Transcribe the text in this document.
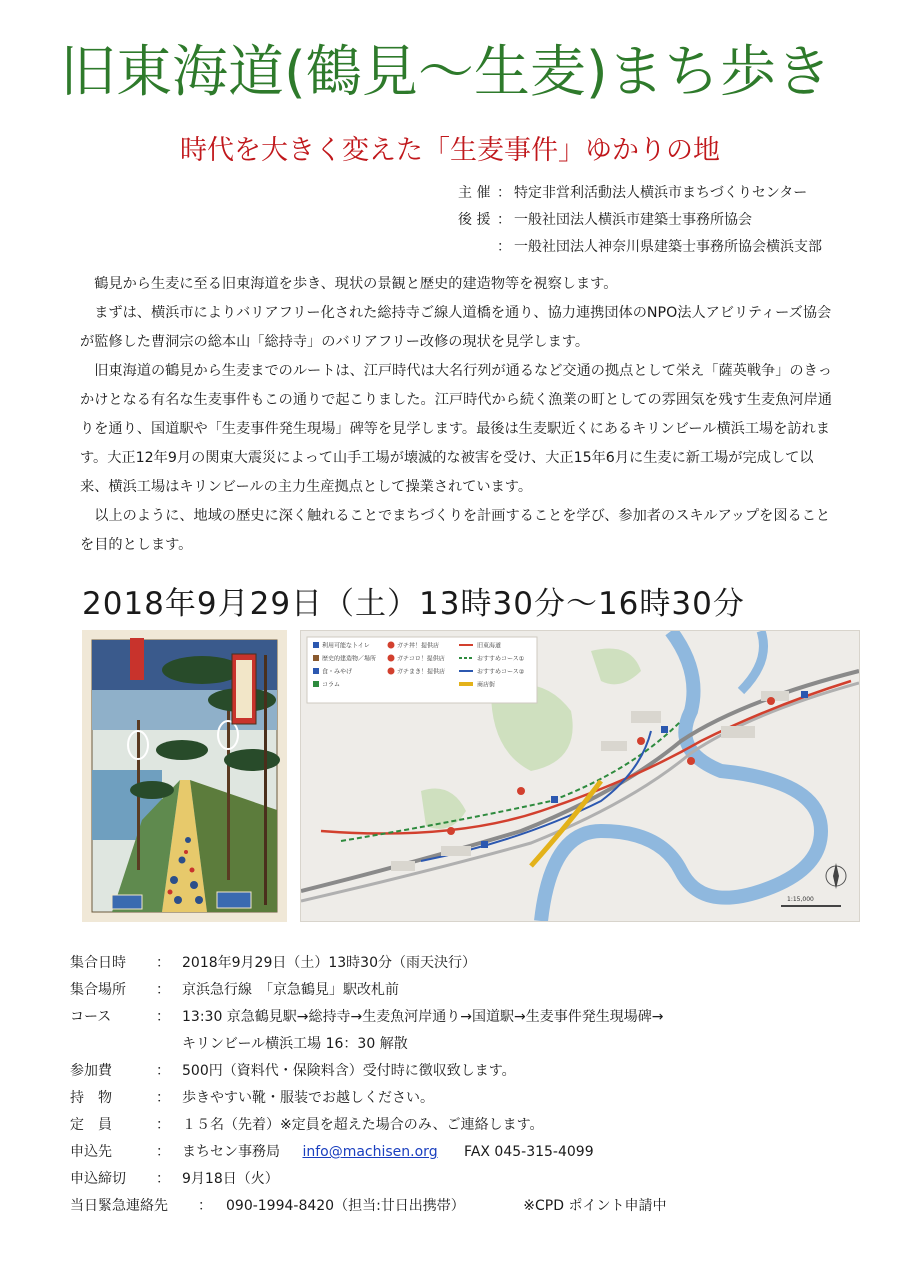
旧東海道(鶴見〜生麦)まち歩き
時代を大きく変えた「生麦事件」ゆかりの地
主 催 ： 特定非営利活動法人横浜市まちづくりセンター
後 援 ： 一般社団法人横浜市建築士事務所協会
： 一般社団法人神奈川県建築士事務所協会横浜支部

鶴見から生麦に至る旧東海道を歩き、現状の景観と歴史的建造物等を視察します。

まずは、横浜市によりバリアフリー化された総持寺ご線人道橋を通り、協力連携団体のNPO法人アビリティーズ協会が監修した曹洞宗の総本山「総持寺」のバリアフリー改修の現状を見学します。

旧東海道の鶴見から生麦までのルートは、江戸時代は大名行列が通るなど交通の拠点として栄え「薩英戦争」のきっかけとなる有名な生麦事件もこの通りで起こりました。江戸時代から続く漁業の町としての雰囲気を残す生麦魚河岸通りを通り、国道駅や「生麦事件発生現場」碑等を見学します。最後は生麦駅近くにあるキリンビール横浜工場を訪れます。大正12年9月の関東大震災によって山手工場が壊滅的な被害を受け、大正15年6月に生麦に新工場が完成して以来、横浜工場はキリンビールの主力生産拠点として操業されています。

以上のように、地域の歴史に深く触れることでまちづくりを計画することを学び、参加者のスキルアップを図ることを目的とします。

2018年9月29日（土）13時30分〜16時30分
利用可能なトイレ
歴史的建造物／場所
食・みやげ
コラム
ガチ丼！提供店
ガチコロ！提供店
ガチまき！提供店
旧東海道
おすすめコース①
おすすめコース②
商店街
1:15,000
集合日時 ： 2018年9月29日（土）13時30分（雨天決行）
集合場所 ： 京浜急行線　「京急鶴見」駅改札前
コース	： 13:30 京急鶴見駅→総持寺→生麦魚河岸通り→国道駅→生麦事件発生現場碑→
キリンビール横浜工場 16：30 解散
参加費	： 500円（資料代・保険料含）受付時に徴収致します。
持　物	： 歩きやすい靴・服装でお越しください。
定　員	： １５名（先着）※定員を超えた場合のみ、ご連絡します。
申込先	： まちセン事務局 info@machisen.org FAX 045-315-4099
申込締切 ： 9月18日（火）
当日緊急連絡先 ： 090-1994-8420（担当:廿日出携帯）	※CPD ポイント申請中
